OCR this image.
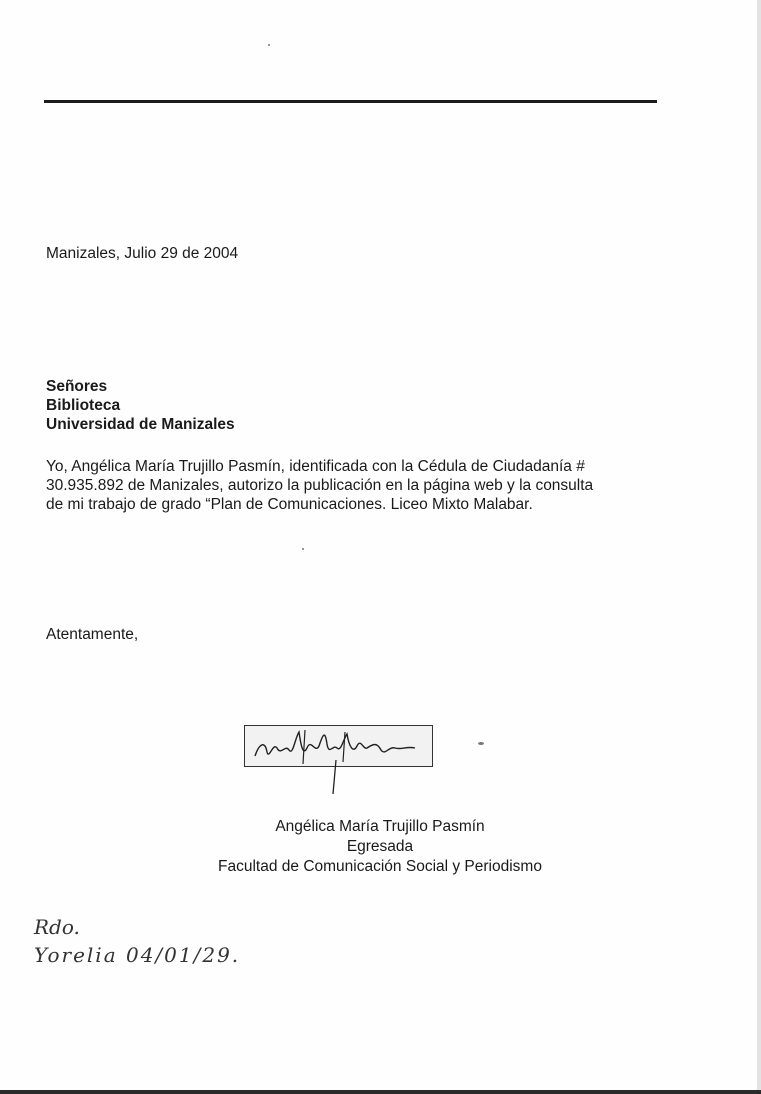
Manizales, Julio 29 de 2004
Señores
Biblioteca
Universidad de Manizales
Yo, Angélica María Trujillo Pasmín, identificada con la Cédula de Ciudadanía #
30.935.892 de Manizales, autorizo la publicación en la página web y la consulta
de mi trabajo de grado “Plan de Comunicaciones. Liceo Mixto Malabar.
Atentamente,
Angélica María Trujillo Pasmín
Egresada
Facultad de Comunicación Social y Periodismo
Rdo.
Yorelia 04/01/29.
